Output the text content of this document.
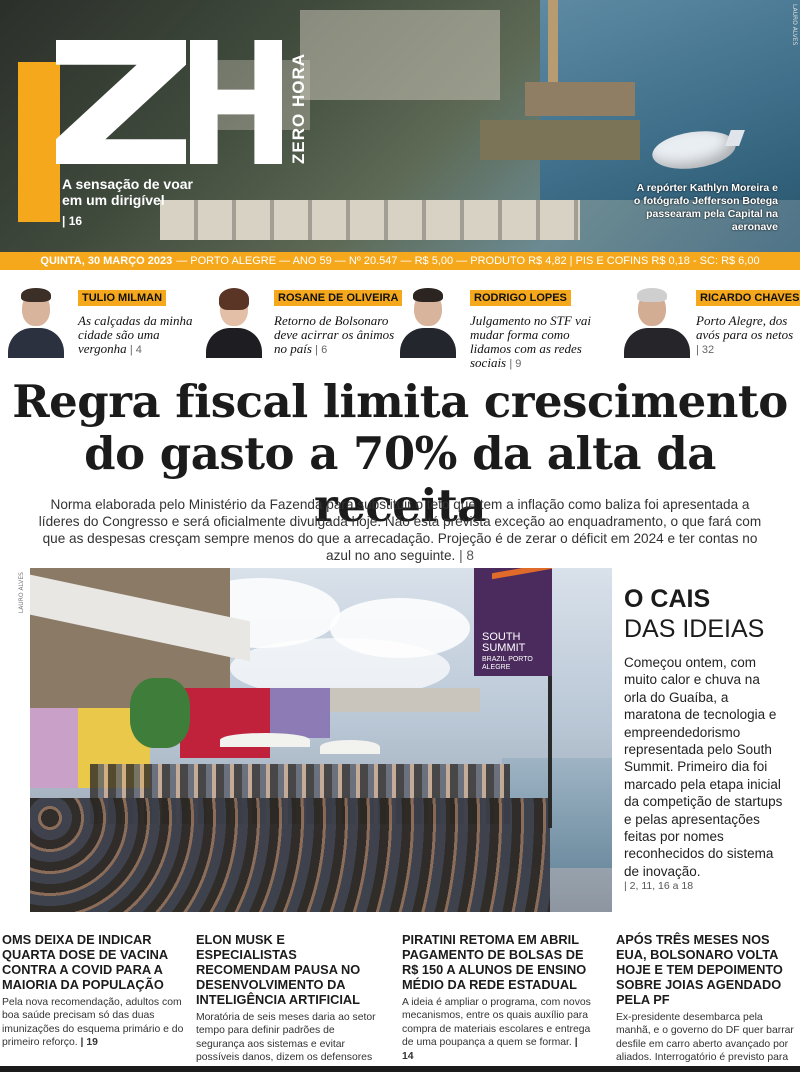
ZERO HORA
A sensação de voar em um dirigível
| 16
A repórter Kathlyn Moreira e o fotógrafo Jefferson Botega passearam pela Capital na aeronave
LAURO ALVES
QUINTA, 30 MARÇO 2023 — PORTO ALEGRE — ANO 59 — Nº 20.547 — R$ 5,00 — PRODUTO R$ 4,82 | PIS E COFINS R$ 0,18 - SC: R$ 6,00
TULIO MILMAN
As calçadas da minha cidade são uma vergonha | 4
ROSANE DE OLIVEIRA
Retorno de Bolsonaro deve acirrar os ânimos no país | 6
RODRIGO LOPES
Julgamento no STF vai mudar forma como lidamos com as redes sociais | 9
RICARDO CHAVES
Porto Alegre, dos avós para os netos | 32
Regra fiscal limita crescimento do gasto a 70% da alta da receita

Norma elaborada pelo Ministério da Fazenda para substituir o teto que tem a inflação como baliza foi apresentada a líderes do Congresso e será oficialmente divulgada hoje. Não está prevista exceção ao enquadramento, o que fará com que as despesas cresçam sempre menos do que a arrecadação. Projeção é de zerar o déficit em 2024 e ter contas no azul no ano seguinte. | 8

LAURO ALVES
SOUTH
SUMMIT
BRAZIL PORTO ALEGRE
O CAIS
DAS IDEIAS

Começou ontem, com muito calor e chuva na orla do Guaíba, a maratona de tecnologia e empreendedorismo representada pelo South Summit. Primeiro dia foi marcado pela etapa inicial da competição de startups e pelas apresentações feitas por nomes reconhecidos do sistema de inovação.

| 2, 11, 16 a 18
OMS DEIXA DE INDICAR QUARTA DOSE DE VACINA CONTRA A COVID PARA A MAIORIA DA POPULAÇÃO

Pela nova recomendação, adultos com boa saúde precisam só das duas imunizações do esquema primário e do primeiro reforço. | 19

ELON MUSK E ESPECIALISTAS RECOMENDAM PAUSA NO DESENVOLVIMENTO DA INTELIGÊNCIA ARTIFICIAL

Moratória de seis meses daria ao setor tempo para definir padrões de segurança aos sistemas e evitar possíveis danos, dizem os defensores

PIRATINI RETOMA EM ABRIL PAGAMENTO DE BOLSAS DE R$ 150 A ALUNOS DE ENSINO MÉDIO DA REDE ESTADUAL

A ideia é ampliar o programa, com novos mecanismos, entre os quais auxílio para compra de materiais escolares e entrega de uma poupança a quem se formar. | 14

APÓS TRÊS MESES NOS EUA, BOLSONARO VOLTA HOJE E TEM DEPOIMENTO SOBRE JOIAS AGENDADO PELA PF

Ex-presidente desembarca pela manhã, e o governo do DF quer barrar desfile em carro aberto avançado por aliados. Interrogatório é previsto para
